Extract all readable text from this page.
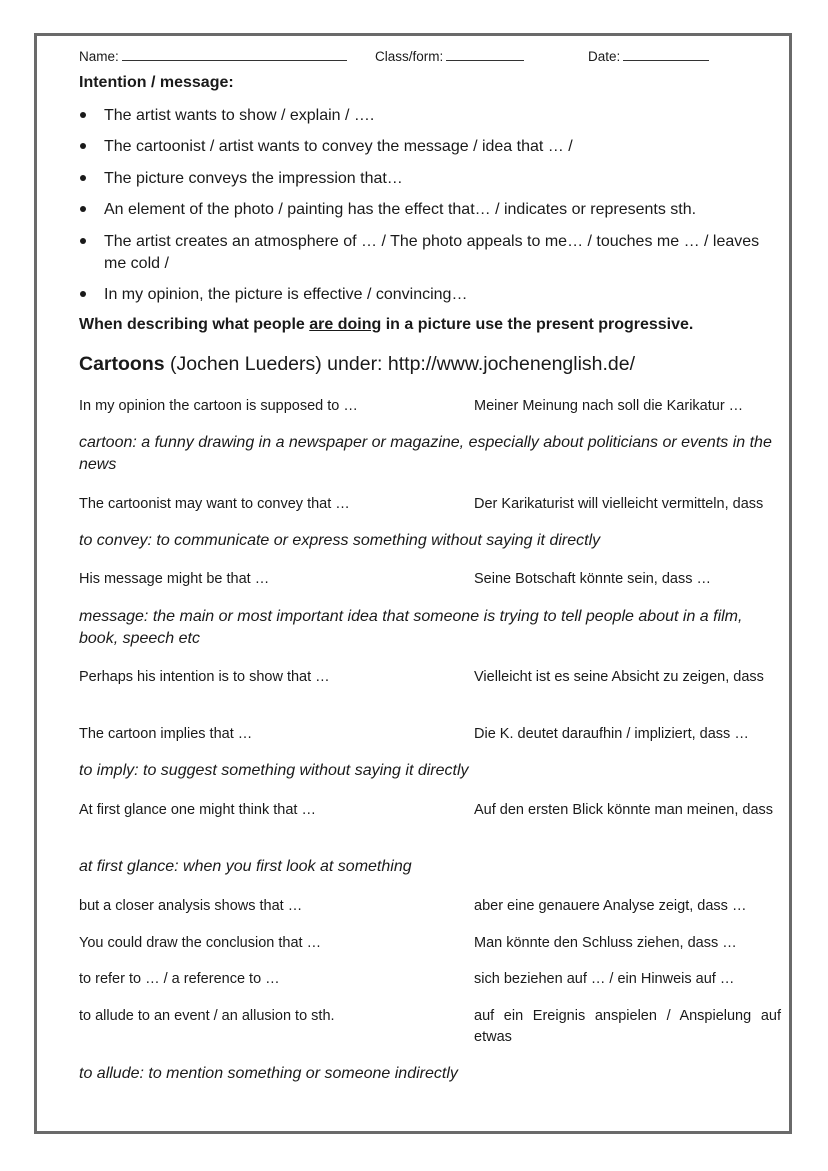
Name:	Class/form:	Date:
Intention / message:
The artist wants to show / explain / ….
The cartoonist / artist wants to convey the message / idea that … /
The picture conveys the impression that…
An element of the photo / painting has the effect that… / indicates or represents sth.
The artist creates an atmosphere of … / The photo appeals to me… / touches me … / leaves me cold /
In my opinion, the picture is effective / convincing…
When describing what people are doing in a picture use the present progressive.
Cartoons (Jochen Lueders) under: http://www.jochenenglish.de/
In my opinion the cartoon is supposed to …	Meiner Meinung nach soll die Karikatur …
cartoon: a funny drawing in a newspaper or magazine, especially about politicians or events in the news
The cartoonist may want to convey that …	Der Karikaturist will vielleicht vermitteln, dass
to convey: to communicate or express something without saying it directly
His message might be that …	Seine Botschaft könnte sein, dass …
message: the main or most important idea that someone is trying to tell people about in a film, book, speech etc
Perhaps his intention is to show that …	Vielleicht ist es seine Absicht zu zeigen, dass
The cartoon implies that …	Die K. deutet daraufhin / impliziert, dass …
to imply: to suggest something without saying it directly
At first glance one might think that …	Auf den ersten Blick könnte man meinen, dass
at first glance: when you first look at something
but a closer analysis shows that …	aber eine genauere Analyse zeigt, dass …
You could draw the conclusion that …	Man könnte den Schluss ziehen, dass …
to refer to … / a reference to …	sich beziehen auf … / ein Hinweis auf …
to allude to an event / an allusion to sth.	auf ein Ereignis anspielen / Anspielung auf etwas
to allude: to mention something or someone indirectly
